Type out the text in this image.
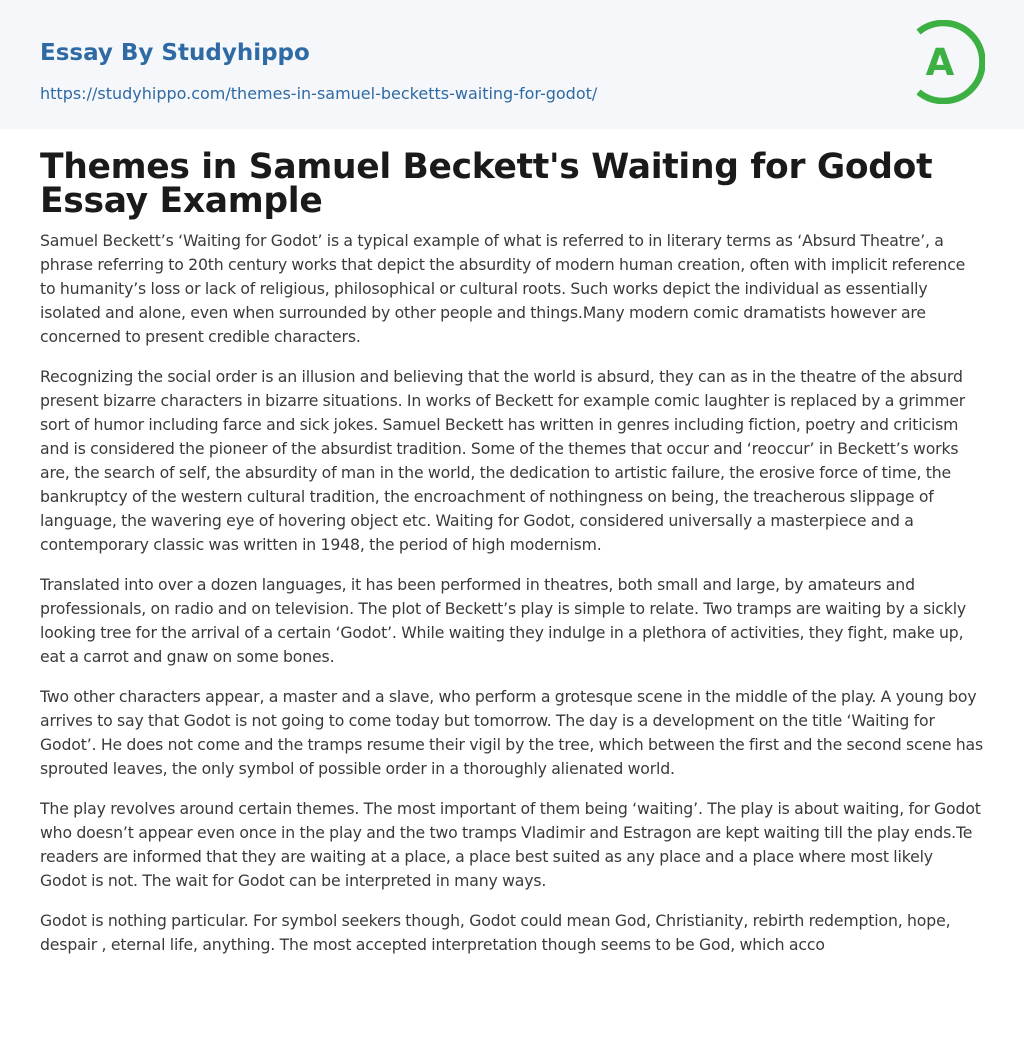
Essay By Studyhippo
https://studyhippo.com/themes-in-samuel-becketts-waiting-for-godot/
A
Themes in Samuel Beckett's Waiting for Godot Essay Example

Samuel Beckett’s ‘Waiting for Godot’ is a typical example of what is referred to in literary terms as ‘Absurd Theatre’, a phrase referring to 20th century works that depict the absurdity of modern human creation, often with implicit reference to humanity’s loss or lack of religious, philosophical or cultural roots. Such works depict the individual as essentially isolated and alone, even when surrounded by other people and things.Many modern comic dramatists however are concerned to present credible characters.

Recognizing the social order is an illusion and believing that the world is absurd, they can as in the theatre of the absurd present bizarre characters in bizarre situations. In works of Beckett for example comic laughter is replaced by a grimmer sort of humor including farce and sick jokes. Samuel Beckett has written in genres including fiction, poetry and criticism and is considered the pioneer of the absurdist tradition. Some of the themes that occur and ‘reoccur’ in Beckett’s works are, the search of self, the absurdity of man in the world, the dedication to artistic failure, the erosive force of time, the bankruptcy of the western cultural tradition, the encroachment of nothingness on being, the treacherous slippage of language, the wavering eye of hovering object etc. Waiting for Godot, considered universally a masterpiece and a contemporary classic was written in 1948, the period of high modernism.

Translated into over a dozen languages, it has been performed in theatres, both small and large, by amateurs and professionals, on radio and on television. The plot of Beckett’s play is simple to relate. Two tramps are waiting by a sickly looking tree for the arrival of a certain ‘Godot’. While waiting they indulge in a plethora of activities, they fight, make up, eat a carrot and gnaw on some bones.

Two other characters appear, a master and a slave, who perform a grotesque scene in the middle of the play. A young boy arrives to say that Godot is not going to come today but tomorrow. The day is a development on the title ‘Waiting for Godot’. He does not come and the tramps resume their vigil by the tree, which between the first and the second scene has sprouted leaves, the only symbol of possible order in a thoroughly alienated world.

The play revolves around certain themes. The most important of them being ‘waiting’. The play is about waiting, for Godot who doesn’t appear even once in the play and the two tramps Vladimir and Estragon are kept waiting till the play ends.Te readers are informed that they are waiting at a place, a place best suited as any place and a place where most likely Godot is not. The wait for Godot can be interpreted in many ways.

Godot is nothing particular. For symbol seekers though, Godot could mean God, Christianity, rebirth redemption, hope, despair , eternal life, anything. The most accepted interpretation though seems to be God, which acco
